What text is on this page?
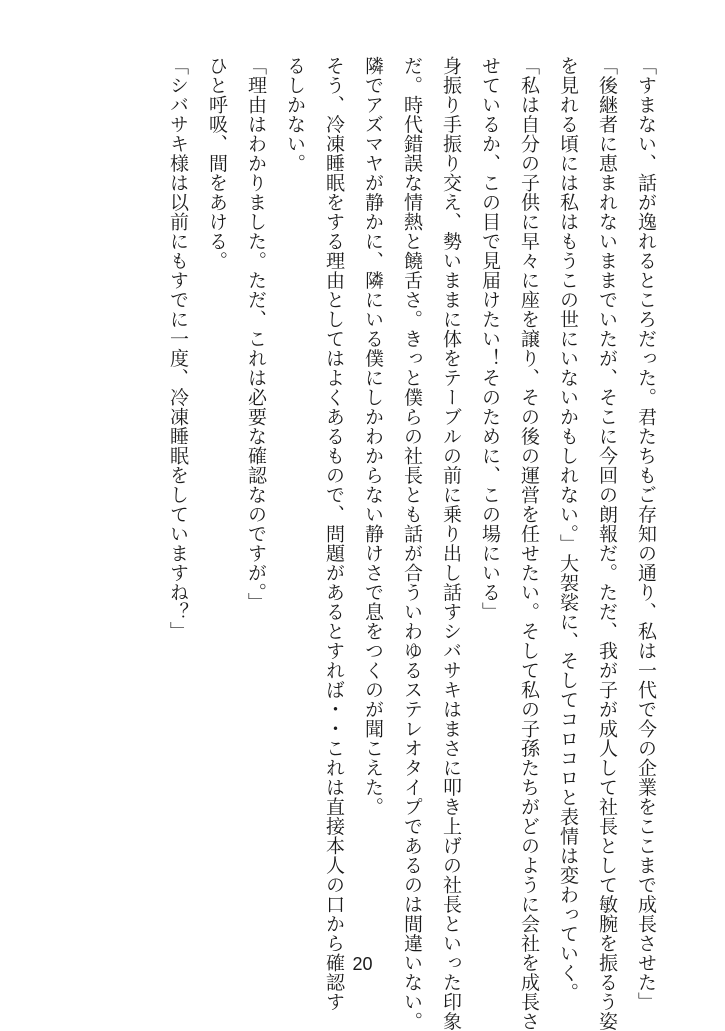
「すまない、話が逸れるところだった。君たちもご存知の通り、私は一代で今の企業をここまで成長させた」
「後継者に恵まれないままでいたが、そこに今回の朗報だ。ただ、我が子が成人して社長として敏腕を振るう姿
を見れる頃には私はもうこの世にいないかもしれない。」大袈裟に、そしてコロコロと表情は変わっていく。
「私は自分の子供に早々に座を譲り、その後の運営を任せたい。そして私の子孫たちがどのように会社を成長さ
せているか、この目で見届けたい！そのために、この場にいる」
身振り手振り交え、勢いままに体をテーブルの前に乗り出し話すシバサキはまさに叩き上げの社長といった印象
だ。時代錯誤な情熱と饒舌さ。きっと僕らの社長とも話が合ういわゆるステレオタイプであるのは間違いない。
隣でアズマヤが静かに、隣にいる僕にしかわからない静けさで息をつくのが聞こえた。
そう、冷凍睡眠をする理由としてはよくあるもので、問題があるとすれば・・これは直接本人の口から確認す
るしかない。
「理由はわかりました。ただ、これは必要な確認なのですが。」
ひと呼吸、間をあける。
「シバサキ様は以前にもすでに一度、冷凍睡眠をしていますね？」
20
